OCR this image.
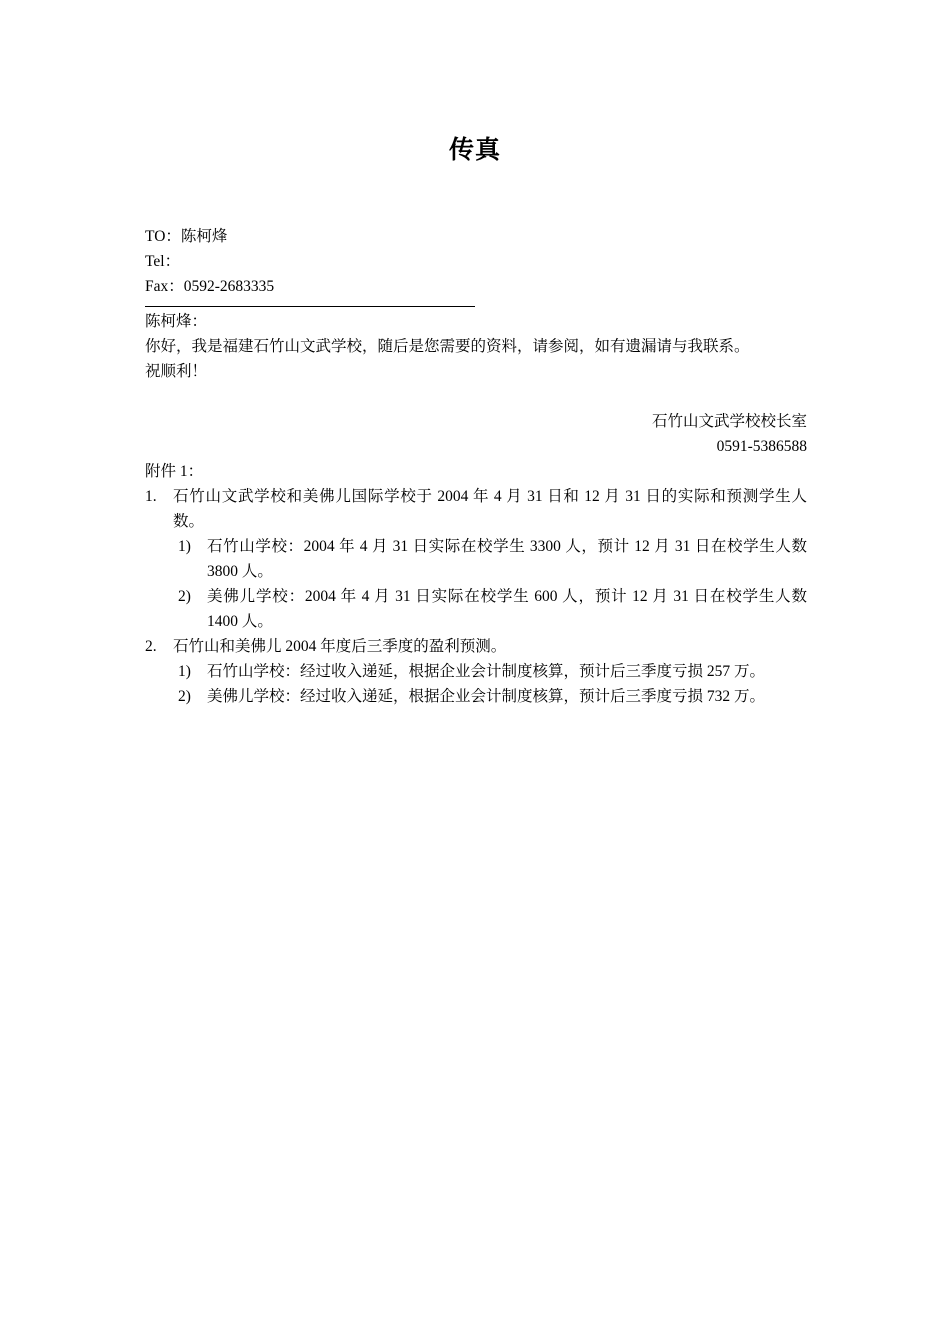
传真
TO：陈柯烽
Tel：
Fax：0592-2683335
陈柯烽：
你好，我是福建石竹山文武学校，随后是您需要的资料，请参阅，如有遗漏请与我联系。
祝顺利！
石竹山文武学校校长室
0591-5386588
附件 1：
1. 石竹山文武学校和美佛儿国际学校于 2004 年 4 月 31 日和 12 月 31 日的实际和预测学生人数。
1) 石竹山学校：2004 年 4 月 31 日实际在校学生 3300 人，预计 12 月 31 日在校学生人数 3800 人。
2) 美佛儿学校：2004 年 4 月 31 日实际在校学生 600 人，预计 12 月 31 日在校学生人数 1400 人。
2. 石竹山和美佛儿 2004 年度后三季度的盈利预测。
1) 石竹山学校：经过收入递延，根据企业会计制度核算，预计后三季度亏损 257 万。
2) 美佛儿学校：经过收入递延，根据企业会计制度核算，预计后三季度亏损 732 万。
